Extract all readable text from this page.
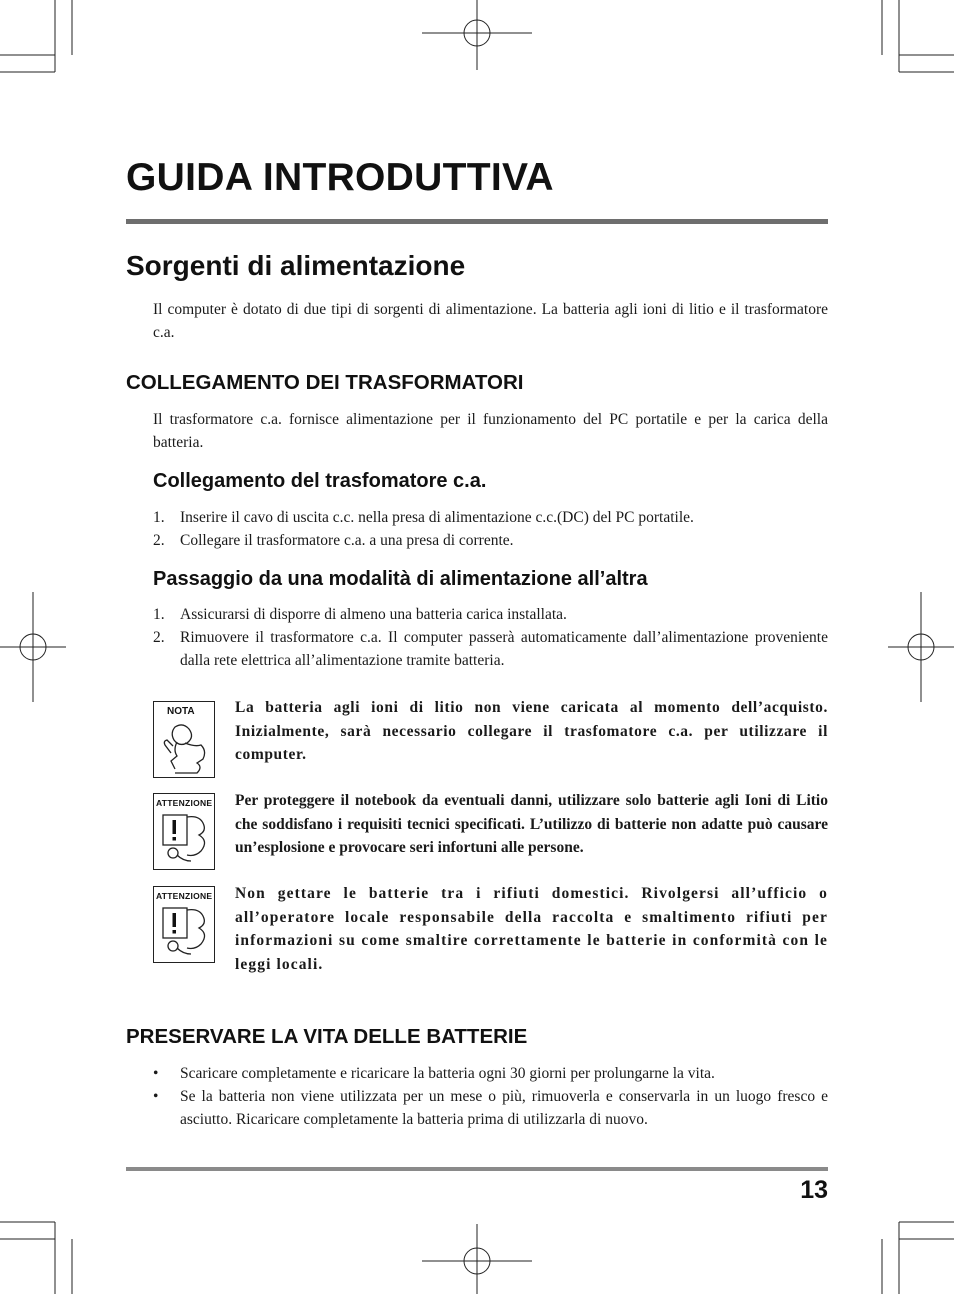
GUIDA INTRODUTTIVA
Sorgenti di alimentazione

Il computer è dotato di due tipi di sorgenti di alimentazione. La batteria agli ioni di litio e il trasformatore c.a.

COLLEGAMENTO DEI TRASFORMATORI

Il trasformatore c.a. fornisce alimentazione per il funzionamento del PC portatile e per la carica della batteria.

Collegamento del trasfomatore c.a.
1. Inserire il cavo di uscita c.c. nella presa di alimentazione c.c.(DC) del PC portatile.
2. Collegare il trasformatore c.a. a una presa di corrente.
Passaggio da una modalità di alimentazione all’altra
1. Assicurarsi di disporre di almeno una batteria carica installata.
2. Rimuovere il trasformatore c.a. Il computer passerà automaticamente dall’alimentazione proveniente dalla rete elettrica all’alimentazione tramite batteria.
NOTA	La batteria agli ioni di litio non viene caricata al momento dell’acquisto. Inizialmente, sarà necessario collegare il trasfomatore c.a. per utilizzare il computer.

ATTENZIONE Per proteggere il notebook da eventuali danni, utilizzare solo batterie agli Ioni di Litio che soddisfano i requisiti tecnici specificati. L’utilizzo di batterie non adatte può causare un’esplosione e provocare seri infortuni alle persone.

ATTENZIONE Non gettare le batterie tra i rifiuti domestici. Rivolgersi all’ufficio o all’operatore locale responsabile della raccolta e smaltimento rifiuti per informazioni su come smaltire correttamente le batterie in conformità con le leggi locali.

PRESERVARE LA VITA DELLE BATTERIE
• Scaricare completamente e ricaricare la batteria ogni 30 giorni per prolungarne la vita.
• Se la batteria non viene utilizzata per un mese o più, rimuoverla e conservarla in un luogo fresco e asciutto. Ricaricare completamente la batteria prima di utilizzarla di nuovo.

13
